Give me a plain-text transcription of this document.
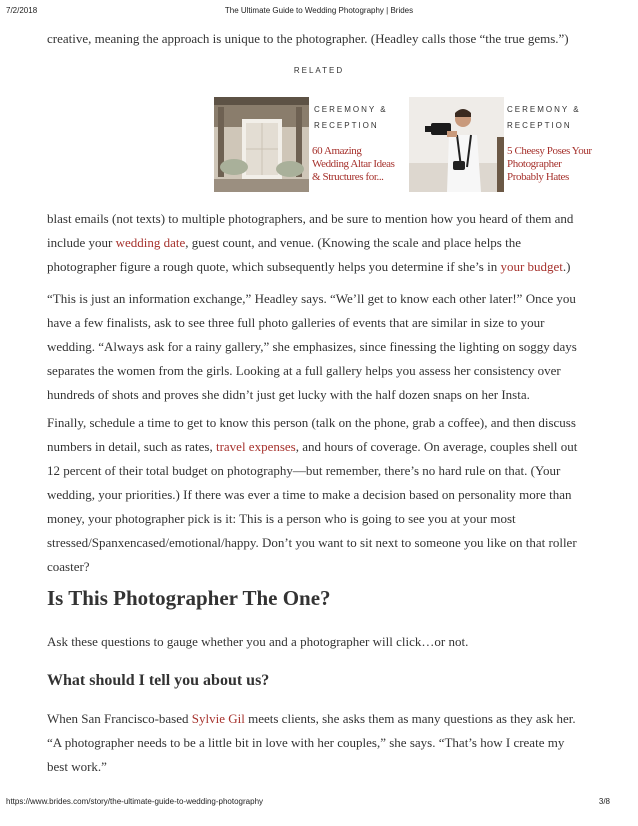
7/2/2018	The Ultimate Guide to Wedding Photography | Brides

creative, meaning the approach is unique to the photographer. (Headley calls those “the true gems.”)

RELATED
CEREMONY &
RECEPTION
60 Amazing
Wedding Altar Ideas
& Structures for...
CEREMONY &
RECEPTION
5 Cheesy Poses Your
Photographer
Probably Hates

blast emails (not texts) to multiple photographers, and be sure to mention how you heard of them and
include your wedding date, guest count, and venue. (Knowing the scale and place helps the
photographer figure a rough quote, which subsequently helps you determine if she’s in your budget.)

“This is just an information exchange,” Headley says. “We’ll get to know each other later!” Once you
have a few finalists, ask to see three full photo galleries of events that are similar in size to your
wedding. “Always ask for a rainy gallery,” she emphasizes, since finessing the lighting on soggy days
separates the women from the girls. Looking at a full gallery helps you assess her consistency over
hundreds of shots and proves she didn’t just get lucky with the half dozen snaps on her Insta.

Finally, schedule a time to get to know this person (talk on the phone, grab a coffee), and then discuss
numbers in detail, such as rates, travel expenses, and hours of coverage. On average, couples shell out
12 percent of their total budget on photography—but remember, there’s no hard rule on that. (Your
wedding, your priorities.) If there was ever a time to make a decision based on personality more than
money, your photographer pick is it: This is a person who is going to see you at your most
stressed/Spanxencased/emotional/happy. Don’t you want to sit next to someone you like on that roller
coaster?

Is This Photographer The One?

Ask these questions to gauge whether you and a photographer will click…or not.

What should I tell you about us?

When San Francisco-based Sylvie Gil meets clients, she asks them as many questions as they ask her.
“A photographer needs to be a little bit in love with her couples,” she says. “That’s how I create my
best work.”

https://www.brides.com/story/the-ultimate-guide-to-wedding-photography	3/8
